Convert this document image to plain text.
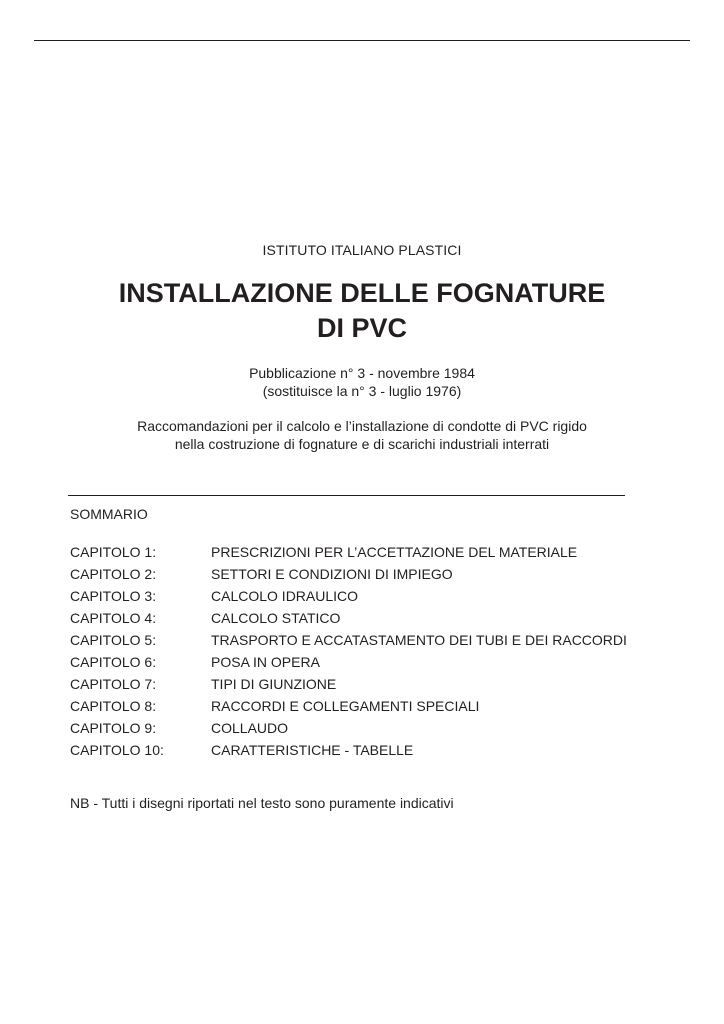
ISTITUTO ITALIANO PLASTICI
INSTALLAZIONE DELLE FOGNATURE
DI PVC
Pubblicazione n° 3 - novembre 1984
(sostituisce la n° 3 - luglio 1976)
Raccomandazioni per il calcolo e l’installazione di condotte di PVC rigido
nella costruzione di fognature e di scarichi industriali interrati
SOMMARIO
CAPITOLO 1:	PRESCRIZIONI PER L’ACCETTAZIONE DEL MATERIALE
CAPITOLO 2:	SETTORI E CONDIZIONI DI IMPIEGO
CAPITOLO 3:	CALCOLO IDRAULICO
CAPITOLO 4:	CALCOLO STATICO
CAPITOLO 5:	TRASPORTO E ACCATASTAMENTO DEI TUBI E DEI RACCORDI
CAPITOLO 6:	POSA IN OPERA
CAPITOLO 7:	TIPI DI GIUNZIONE
CAPITOLO 8:	RACCORDI E COLLEGAMENTI SPECIALI
CAPITOLO 9:	COLLAUDO
CAPITOLO 10:	CARATTERISTICHE - TABELLE
NB - Tutti i disegni riportati nel testo sono puramente indicativi
